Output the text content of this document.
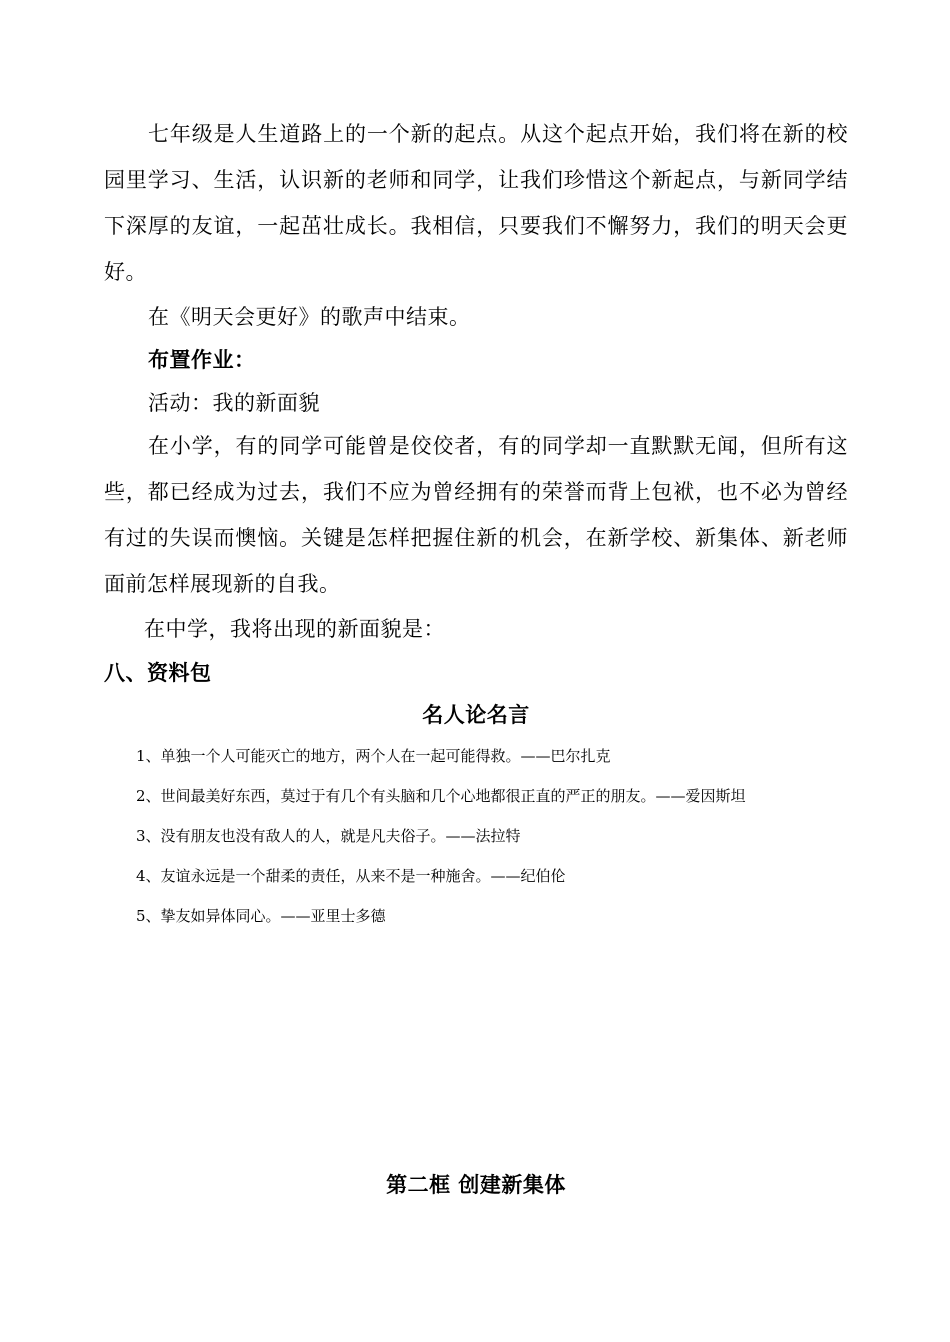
七年级是人生道路上的一个新的起点。从这个起点开始，我们将在新的校园里学习、生活，认识新的老师和同学，让我们珍惜这个新起点，与新同学结下深厚的友谊，一起茁壮成长。我相信，只要我们不懈努力，我们的明天会更好。

在《明天会更好》的歌声中结束。

布置作业：

活动：我的新面貌

在小学，有的同学可能曾是佼佼者，有的同学却一直默默无闻，但所有这些，都已经成为过去，我们不应为曾经拥有的荣誉而背上包袱，也不必为曾经有过的失误而懊恼。关键是怎样把握住新的机会，在新学校、新集体、新老师面前怎样展现新的自我。

在中学，我将出现的新面貌是：

八、资料包

名人论名言

1、单独一个人可能灭亡的地方，两个人在一起可能得救。——巴尔扎克

2、世间最美好东西，莫过于有几个有头脑和几个心地都很正直的严正的朋友。——爱因斯坦

3、没有朋友也没有敌人的人，就是凡夫俗子。——法拉特

4、友谊永远是一个甜柔的责任，从来不是一种施舍。——纪伯伦

5、挚友如异体同心。——亚里士多德

第二框 创建新集体
